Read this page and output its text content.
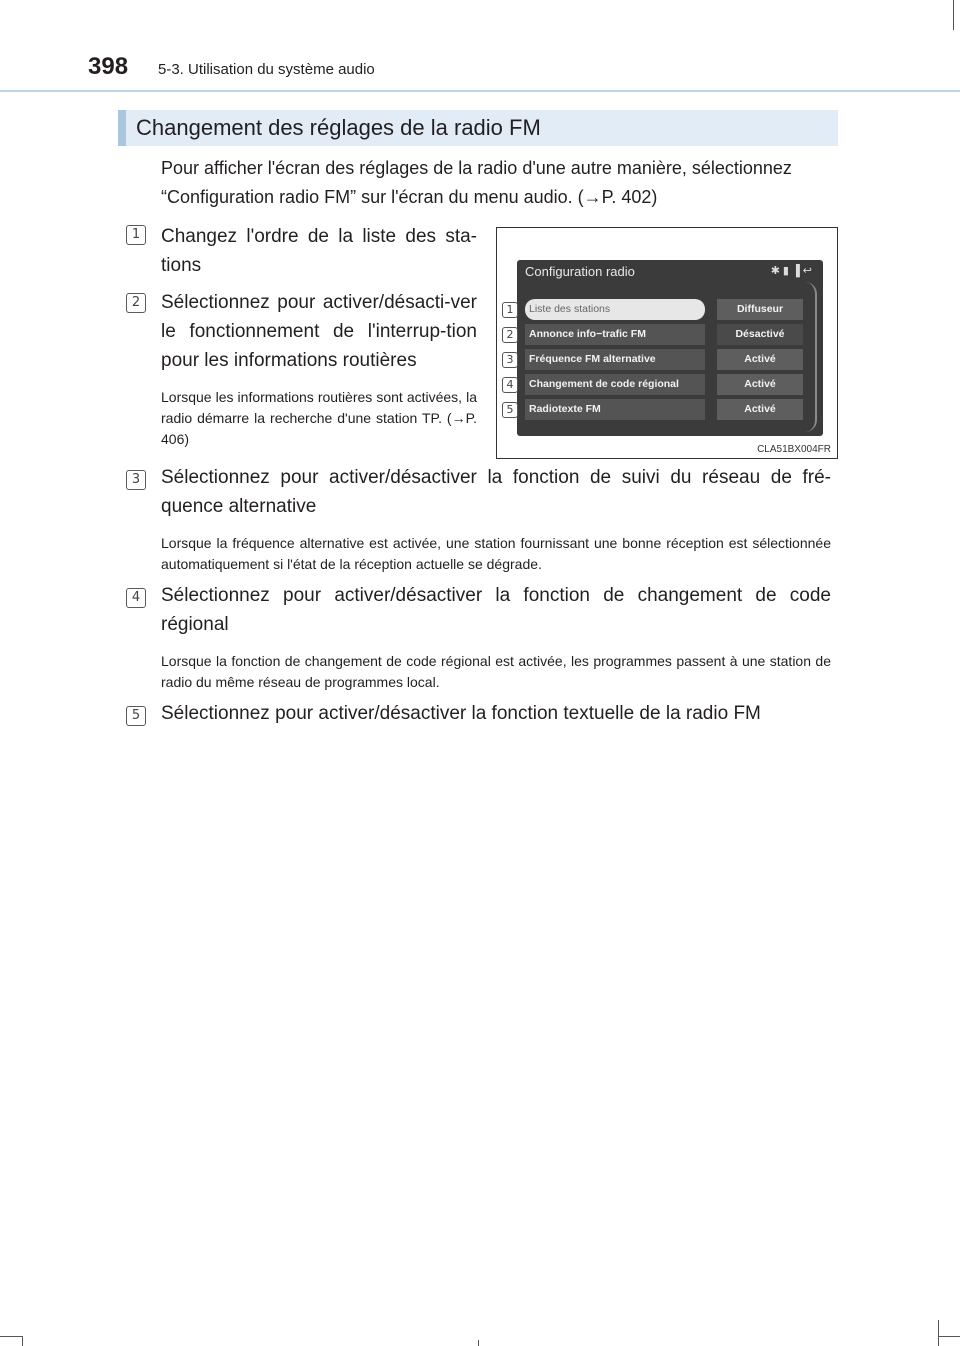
398 5-3. Utilisation du système audio
Changement des réglages de la radio FM
Pour afficher l'écran des réglages de la radio d'une autre manière, sélectionnez “Configuration radio FM” sur l'écran du menu audio. (→P. 402)
1	Changez l'ordre de la liste des sta-tions
2	Sélectionnez pour activer/désacti-ver le fonctionnement de l'interrup-tion pour les informations routières
Lorsque les informations routières sont activées, la radio démarre la recherche d'une station TP. (→P. 406)
Configuration radio	✱▮▐↩
Liste des stations	Diffuseur
Annonce info−trafic FM	Désactivé
Fréquence FM alternative	Activé
Changement de code régional	Activé
Radiotexte FM	Activé
1
2
3
4
5
CLA51BX004FR
3	Sélectionnez pour activer/désactiver la fonction de suivi du réseau de fré-quence alternative
Lorsque la fréquence alternative est activée, une station fournissant une bonne réception est sélectionnée automatiquement si l'état de la réception actuelle se dégrade.
4	Sélectionnez pour activer/désactiver la fonction de changement de code régional
Lorsque la fonction de changement de code régional est activée, les programmes passent à une station de radio du même réseau de programmes local.
5	Sélectionnez pour activer/désactiver la fonction textuelle de la radio FM
